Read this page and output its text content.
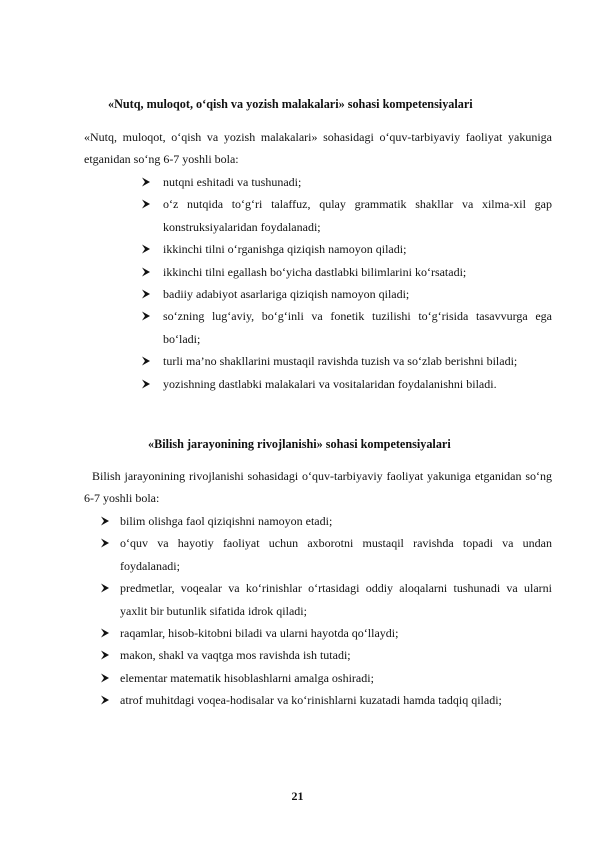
«Nutq, muloqot, o‘qish va yozish malakalari» sohasi kompetensiyalari

«Nutq, muloqot, o‘qish va yozish malakalari» sohasidagi o‘quv-tarbiyaviy faoliyat yakuniga etganidan so‘ng 6-7 yoshli bola:

nutqni eshitadi va tushunadi;
o‘z nutqida to‘g‘ri talaffuz, qulay grammatik shakllar va xilma-xil gap konstruksiyalaridan foydalanadi;
ikkinchi tilni o‘rganishga qiziqish namoyon qiladi;
ikkinchi tilni egallash bo‘yicha dastlabki bilimlarini ko‘rsatadi;
badiiy adabiyot asarlariga qiziqish namoyon qiladi;
so‘zning lug‘aviy, bo‘g‘inli va fonetik tuzilishi to‘g‘risida tasavvurga ega bo‘ladi;
turli ma’no shakllarini mustaqil ravishda tuzish va so‘zlab berishni biladi;
yozishning dastlabki malakalari va vositalaridan foydalanishni biladi.
«Bilish jarayonining rivojlanishi» sohasi kompetensiyalari

Bilish jarayonining rivojlanishi sohasidagi o‘quv-tarbiyaviy faoliyat yakuniga etganidan so‘ng 6-7 yoshli bola:

bilim olishga faol qiziqishni namoyon etadi;
o‘quv va hayotiy faoliyat uchun axborotni mustaqil ravishda topadi va undan foydalanadi;
predmetlar, voqealar va ko‘rinishlar o‘rtasidagi oddiy aloqalarni tushunadi va ularni yaxlit bir butunlik sifatida idrok qiladi;
raqamlar, hisob-kitobni biladi va ularni hayotda qo‘llaydi;
makon, shakl va vaqtga mos ravishda ish tutadi;
elementar matematik hisoblashlarni amalga oshiradi;
atrof muhitdagi voqea-hodisalar va ko‘rinishlarni kuzatadi hamda tadqiq qiladi;
21
